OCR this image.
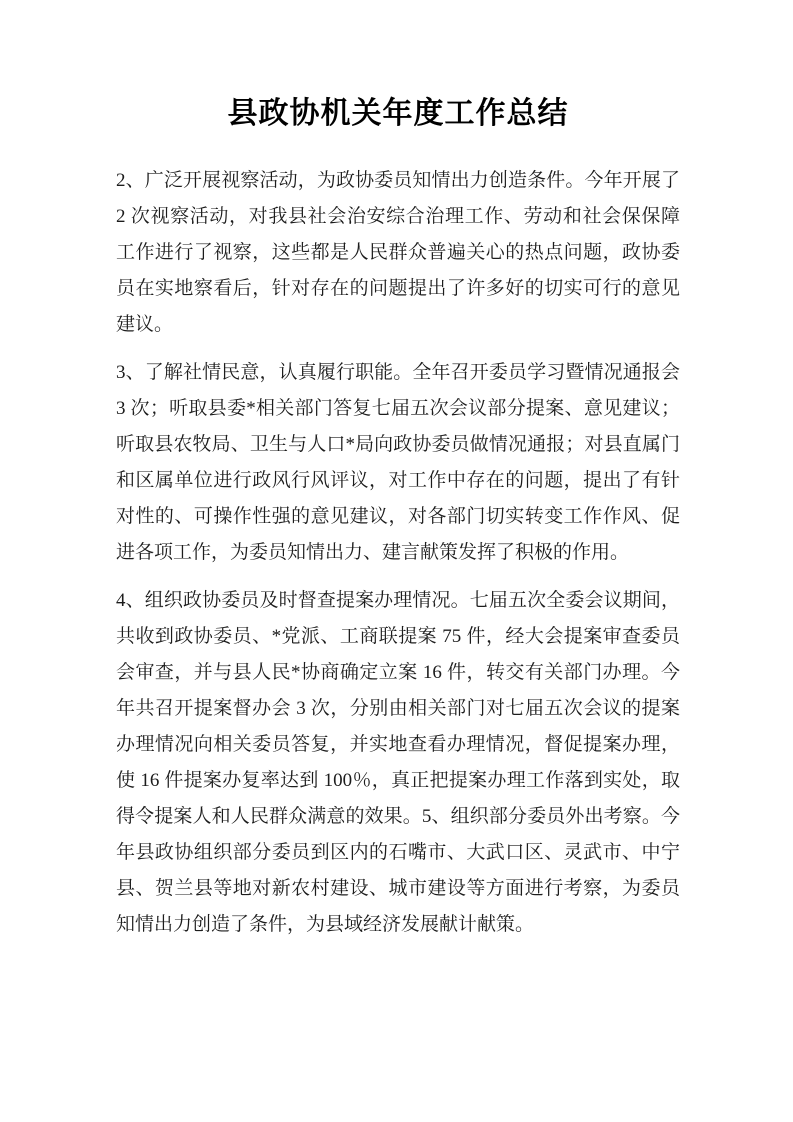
县政协机关年度工作总结

2、广泛开展视察活动，为政协委员知情出力创造条件。今年开展了 2 次视察活动，对我县社会治安综合治理工作、劳动和社会保保障工作进行了视察，这些都是人民群众普遍关心的热点问题，政协委员在实地察看后，针对存在的问题提出了许多好的切实可行的意见建议。

3、了解社情民意，认真履行职能。全年召开委员学习暨情况通报会 3 次；听取县委*相关部门答复七届五次会议部分提案、意见建议；听取县农牧局、卫生与人口*局向政协委员做情况通报；对县直属门和区属单位进行政风行风评议，对工作中存在的问题，提出了有针对性的、可操作性强的意见建议，对各部门切实转变工作作风、促进各项工作，为委员知情出力、建言献策发挥了积极的作用。

4、组织政协委员及时督查提案办理情况。七届五次全委会议期间，共收到政协委员、*党派、工商联提案 75 件，经大会提案审查委员会审查，并与县人民*协商确定立案 16 件，转交有关部门办理。今年共召开提案督办会 3 次，分别由相关部门对七届五次会议的提案办理情况向相关委员答复，并实地查看办理情况，督促提案办理，使 16 件提案办复率达到 100％，真正把提案办理工作落到实处，取得令提案人和人民群众满意的效果。5、组织部分委员外出考察。今年县政协组织部分委员到区内的石嘴市、大武口区、灵武市、中宁县、贺兰县等地对新农村建设、城市建设等方面进行考察，为委员知情出力创造了条件，为县域经济发展献计献策。
